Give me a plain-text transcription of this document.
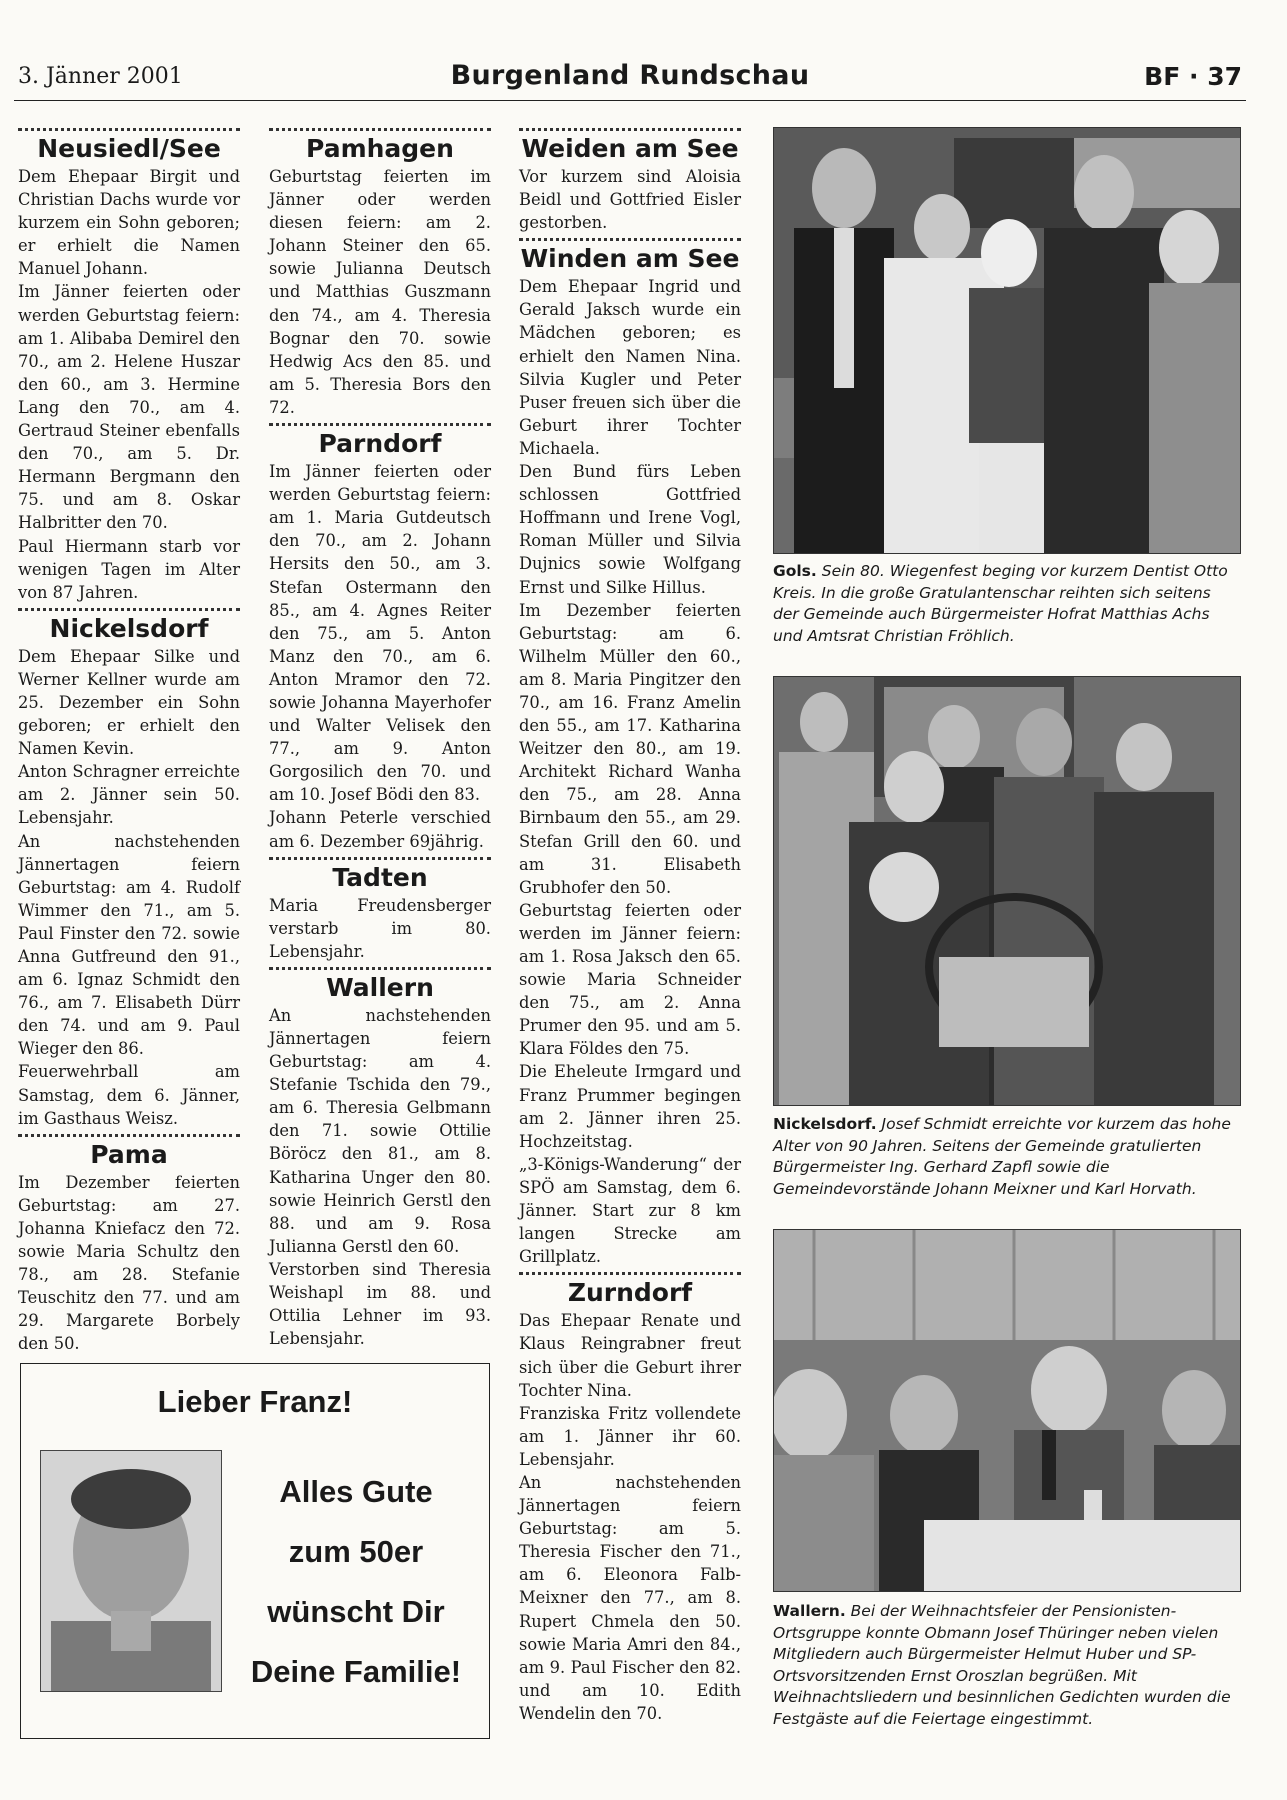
3. Jänner 2001	Burgenland Rundschau	BF · 37
Neusiedl/See
Dem Ehepaar Birgit und Christian Dachs wurde vor kurzem ein Sohn geboren; er erhielt die Namen Manuel Johann.
Im Jänner feierten oder werden Geburtstag feiern: am 1. Alibaba Demirel den 70., am 2. Helene Huszar den 60., am 3. Hermine Lang den 70., am 4. Gertraud Steiner ebenfalls den 70., am 5. Dr. Hermann Bergmann den 75. und am 8. Oskar Halbritter den 70.
Paul Hiermann starb vor wenigen Tagen im Alter von 87 Jahren.
Nickelsdorf
Dem Ehepaar Silke und Werner Kellner wurde am 25. Dezember ein Sohn geboren; er erhielt den Namen Kevin.
Anton Schragner erreichte am 2. Jänner sein 50. Lebensjahr.
An nachstehenden Jännertagen feiern Geburtstag: am 4. Rudolf Wimmer den 71., am 5. Paul Finster den 72. sowie Anna Gutfreund den 91., am 6. Ignaz Schmidt den 76., am 7. Elisabeth Dürr den 74. und am 9. Paul Wieger den 86.
Feuerwehrball am Samstag, dem 6. Jänner, im Gasthaus Weisz.
Pama
Im Dezember feierten Geburtstag: am 27. Johanna Kniefacz den 72. sowie Maria Schultz den 78., am 28. Stefanie Teuschitz den 77. und am 29. Margarete Borbely den 50.
Pamhagen
Geburtstag feierten im Jänner oder werden diesen feiern: am 2. Johann Steiner den 65. sowie Julianna Deutsch und Matthias Guszmann den 74., am 4. Theresia Bognar den 70. sowie Hedwig Acs den 85. und am 5. Theresia Bors den 72.
Parndorf
Im Jänner feierten oder werden Geburtstag feiern: am 1. Maria Gutdeutsch den 70., am 2. Johann Hersits den 50., am 3. Stefan Ostermann den 85., am 4. Agnes Reiter den 75., am 5. Anton Manz den 70., am 6. Anton Mramor den 72. sowie Johanna Mayerhofer und Walter Velisek den 77., am 9. Anton Gorgosilich den 70. und am 10. Josef Bödi den 83.
Johann Peterle verschied am 6. Dezember 69jährig.
Tadten
Maria Freudensberger verstarb im 80. Lebensjahr.
Wallern
An nachstehenden Jännertagen feiern Geburtstag: am 4. Stefanie Tschida den 79., am 6. Theresia Gelbmann den 71. sowie Ottilie Böröcz den 81., am 8. Katharina Unger den 80. sowie Heinrich Gerstl den 88. und am 9. Rosa Julianna Gerstl den 60.
Verstorben sind Theresia Weishapl im 88. und Ottilia Lehner im 93. Lebensjahr.
Weiden am See
Vor kurzem sind Aloisia Beidl und Gottfried Eisler gestorben.
Winden am See
Dem Ehepaar Ingrid und Gerald Jaksch wurde ein Mädchen geboren; es erhielt den Namen Nina. Silvia Kugler und Peter Puser freuen sich über die Geburt ihrer Tochter Michaela.
Den Bund fürs Leben schlossen Gottfried Hoffmann und Irene Vogl, Roman Müller und Silvia Dujnics sowie Wolfgang Ernst und Silke Hillus.
Im Dezember feierten Geburtstag: am 6. Wilhelm Müller den 60., am 8. Maria Pingitzer den 70., am 16. Franz Amelin den 55., am 17. Katharina Weitzer den 80., am 19. Architekt Richard Wanha den 75., am 28. Anna Birnbaum den 55., am 29. Stefan Grill den 60. und am 31. Elisabeth Grubhofer den 50.
Geburtstag feierten oder werden im Jänner feiern: am 1. Rosa Jaksch den 65. sowie Maria Schneider den 75., am 2. Anna Prumer den 95. und am 5. Klara Földes den 75.
Die Eheleute Irmgard und Franz Prummer begingen am 2. Jänner ihren 25. Hochzeitstag.
„3-Königs-Wanderung“ der SPÖ am Samstag, dem 6. Jänner. Start zur 8 km langen Strecke am Grillplatz.
Zurndorf
Das Ehepaar Renate und Klaus Reingrabner freut sich über die Geburt ihrer Tochter Nina.
Franziska Fritz vollendete am 1. Jänner ihr 60. Lebensjahr.
An nachstehenden Jännertagen feiern Geburtstag: am 5. Theresia Fischer den 71., am 6. Eleonora Falb-Meixner den 77., am 8. Rupert Chmela den 50. sowie Maria Amri den 84., am 9. Paul Fischer den 82. und am 10. Edith Wendelin den 70.
Gols. Sein 80. Wiegenfest beging vor kurzem Dentist Otto Kreis. In die große Gratulantenschar reihten sich seitens der Gemeinde auch Bürgermeister Hofrat Matthias Achs und Amtsrat Christian Fröhlich.
Nickelsdorf. Josef Schmidt erreichte vor kurzem das hohe Alter von 90 Jahren. Seitens der Gemeinde gratulierten Bürgermeister Ing. Gerhard Zapfl sowie die Gemeindevorstände Johann Meixner und Karl Horvath.
Wallern. Bei der Weihnachtsfeier der Pensionisten-Ortsgruppe konnte Obmann Josef Thüringer neben vielen Mitgliedern auch Bürgermeister Helmut Huber und SP-Ortsvorsitzenden Ernst Oroszlan begrüßen. Mit Weihnachtsliedern und besinnlichen Gedichten wurden die Festgäste auf die Feiertage eingestimmt.
Lieber Franz!
Alles Gute
zum 50er
wünscht Dir
Deine Familie!
